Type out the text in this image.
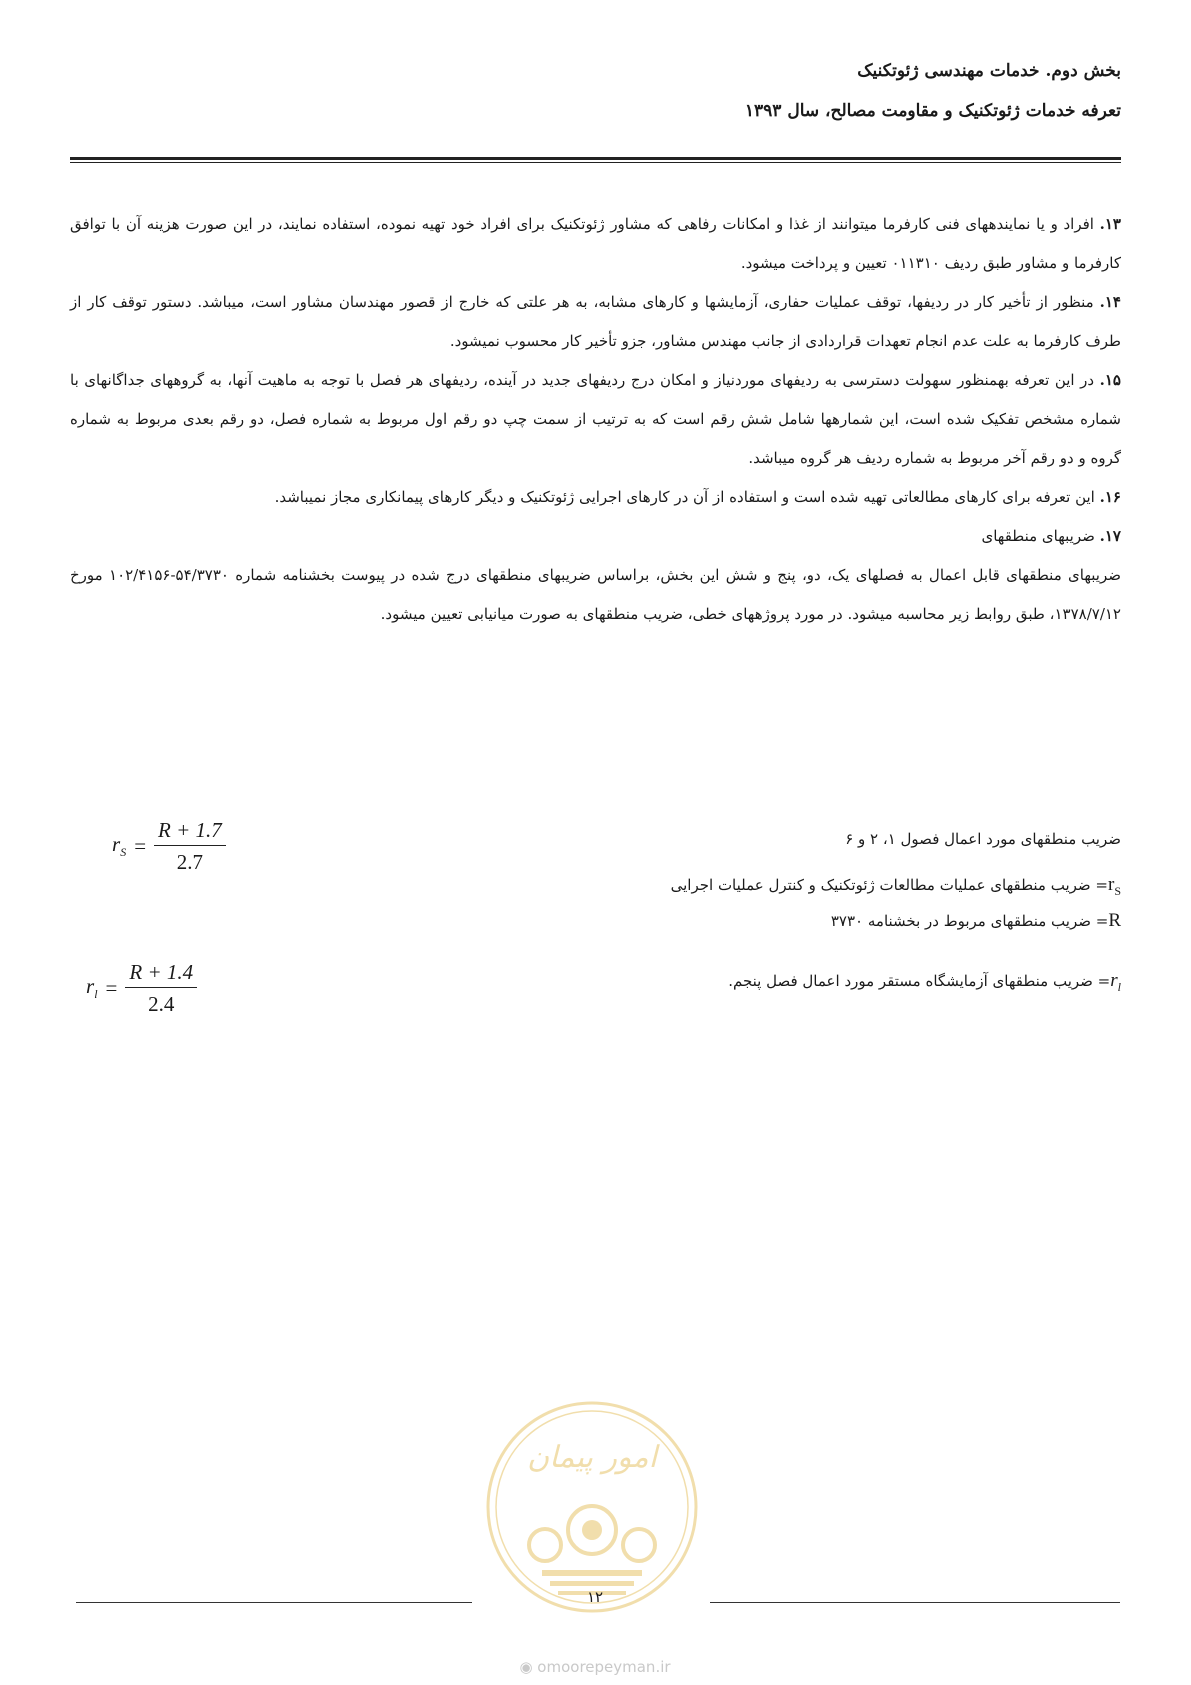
بخش دوم. خدمات مهندسی ژئوتکنیک
تعرفه خدمات ژئوتکنیک و مقاومت مصالح، سال ۱۳۹۳

۱۳. افراد و یا نمایندههای فنی کارفرما میتوانند از غذا و امکانات رفاهی که مشاور ژئوتکنیک برای افراد خود تهیه نموده، استفاده نمایند، در این صورت هزینه آن با توافق کارفرما و مشاور طبق ردیف ۰۱۱۳۱۰ تعیین و پرداخت میشود.

۱۴. منظور از تأخیر کار در ردیفها، توقف عملیات حفاری، آزمایشها و کارهای مشابه، به هر علتی که خارج از قصور مهندسان مشاور است، میباشد. دستور توقف کار از طرف کارفرما به علت عدم انجام تعهدات قراردادی از جانب مهندس مشاور، جزو تأخیر کار محسوب نمیشود.

۱۵. در این تعرفه بهمنظور سهولت دسترسی به ردیفهای موردنیاز و امکان درج ردیفهای جدید در آینده، ردیفهای هر فصل با توجه به ماهیت آنها، به گروههای جداگانهای با شماره مشخص تفکیک شده است، این شمارهها شامل شش رقم است که به ترتیب از سمت چپ دو رقم اول مربوط به شماره فصل، دو رقم بعدی مربوط به شماره گروه و دو رقم آخر مربوط به شماره ردیف هر گروه میباشد.

۱۶. این تعرفه برای کارهای مطالعاتی تهیه شده است و استفاده از آن در کارهای اجرایی ژئوتکنیک و دیگر کارهای پیمانکاری مجاز نمیباشد.

۱۷. ضریبهای منطقهای

ضریبهای منطقهای قابل اعمال به فصلهای یک، دو، پنج و شش این بخش، براساس ضریبهای منطقهای درج شده در پیوست بخشنامه شماره ۵۴/۳۷۳۰-۱۰۲/۴۱۵۶ مورخ ۱۳۷۸/۷/۱۲، طبق روابط زیر محاسبه میشود. در مورد پروژههای خطی، ضریب منطقهای به صورت میانیابی تعیین میشود.

ضریب منطقهای مورد اعمال فصول ۱، ۲ و ۶
$r_S = \frac{R + 1.7}{2.7}$
$r_S=$ ضریب منطقهای عملیات مطالعات ژئوتکنیک و کنترل عملیات اجرایی
R= ضریب منطقهای مربوط در بخشنامه ۳۷۳۰
$r_l = \frac{R + 1.4}{2.4}$	$r_l=$ ضریب منطقهای آزمایشگاه مستقر مورد اعمال فصل پنجم.
امور پیمان
۱۲
◉ omoorepeyman.ir
